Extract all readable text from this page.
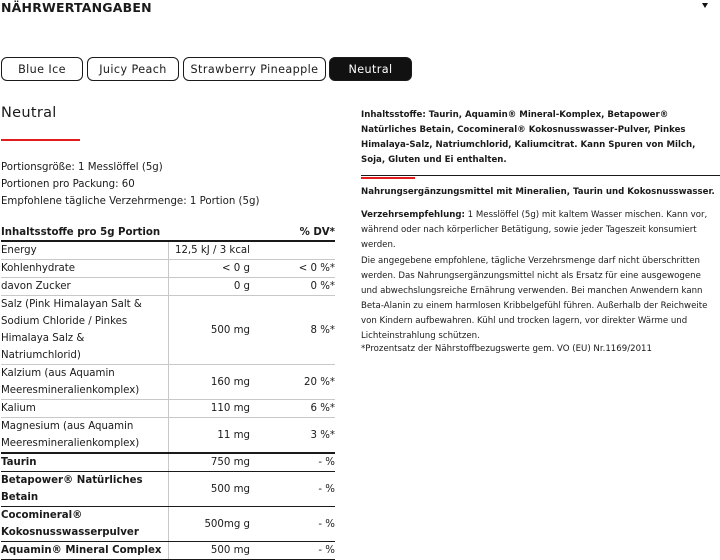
NÄHRWERTANGABEN
Blue Ice	Juicy Peach	Strawberry Pineapple	Neutral
Neutral
Portionsgröße: 1 Messlöffel (5g)
Portionen pro Packung: 60
Empfohlene tägliche Verzehrmenge: 1 Portion (5g)
Inhaltsstoffe pro 5g Portion		% DV*
Energy	12,5 kJ / 3 kcal	
Kohlenhydrate	< 0 g	< 0 %*
davon Zucker	0 g	0 %*
Salz (Pink Himalayan Salt & Sodium Chloride / Pinkes Himalaya Salz & Natriumchlorid)	500 mg	8 %*
Kalzium (aus Aquamin Meeresmineralienkomplex)	160 mg	20 %*
Kalium	110 mg	6 %*
Magnesium (aus Aquamin Meeresmineralienkomplex)	11 mg	3 %*
Taurin	750 mg	- %
Betapower® Natürliches Betain	500 mg	- %
Cocomineral® Kokosnusswasserpulver	500mg g	- %
Aquamin® Mineral Complex	500 mg	- %
Inhaltsstoffe: Taurin, Aquamin® Mineral-Komplex, Betapower® Natürliches Betain, Cocomineral® Kokosnusswasser-Pulver, Pinkes Himalaya-Salz, Natriumchlorid, Kaliumcitrat. Kann Spuren von Milch, Soja, Gluten und Ei enthalten.
Nahrungsergänzungsmittel mit Mineralien, Taurin und Kokosnusswasser.
Verzehrsempfehlung: 1 Messlöffel (5g) mit kaltem Wasser mischen. Kann vor, während oder nach körperlicher Betätigung, sowie jeder Tageszeit konsumiert werden.
Die angegebene empfohlene, tägliche Verzehrsmenge darf nicht überschritten werden. Das Nahrungsergänzungsmittel nicht als Ersatz für eine ausgewogene und abwechslungsreiche Ernährung verwenden. Bei manchen Anwendern kann Beta-Alanin zu einem harmlosen Kribbelgefühl führen. Außerhalb der Reichweite von Kindern aufbewahren. Kühl und trocken lagern, vor direkter Wärme und Lichteinstrahlung schützen.
*Prozentsatz der Nährstoffbezugswerte gem. VO (EU) Nr.1169/2011
